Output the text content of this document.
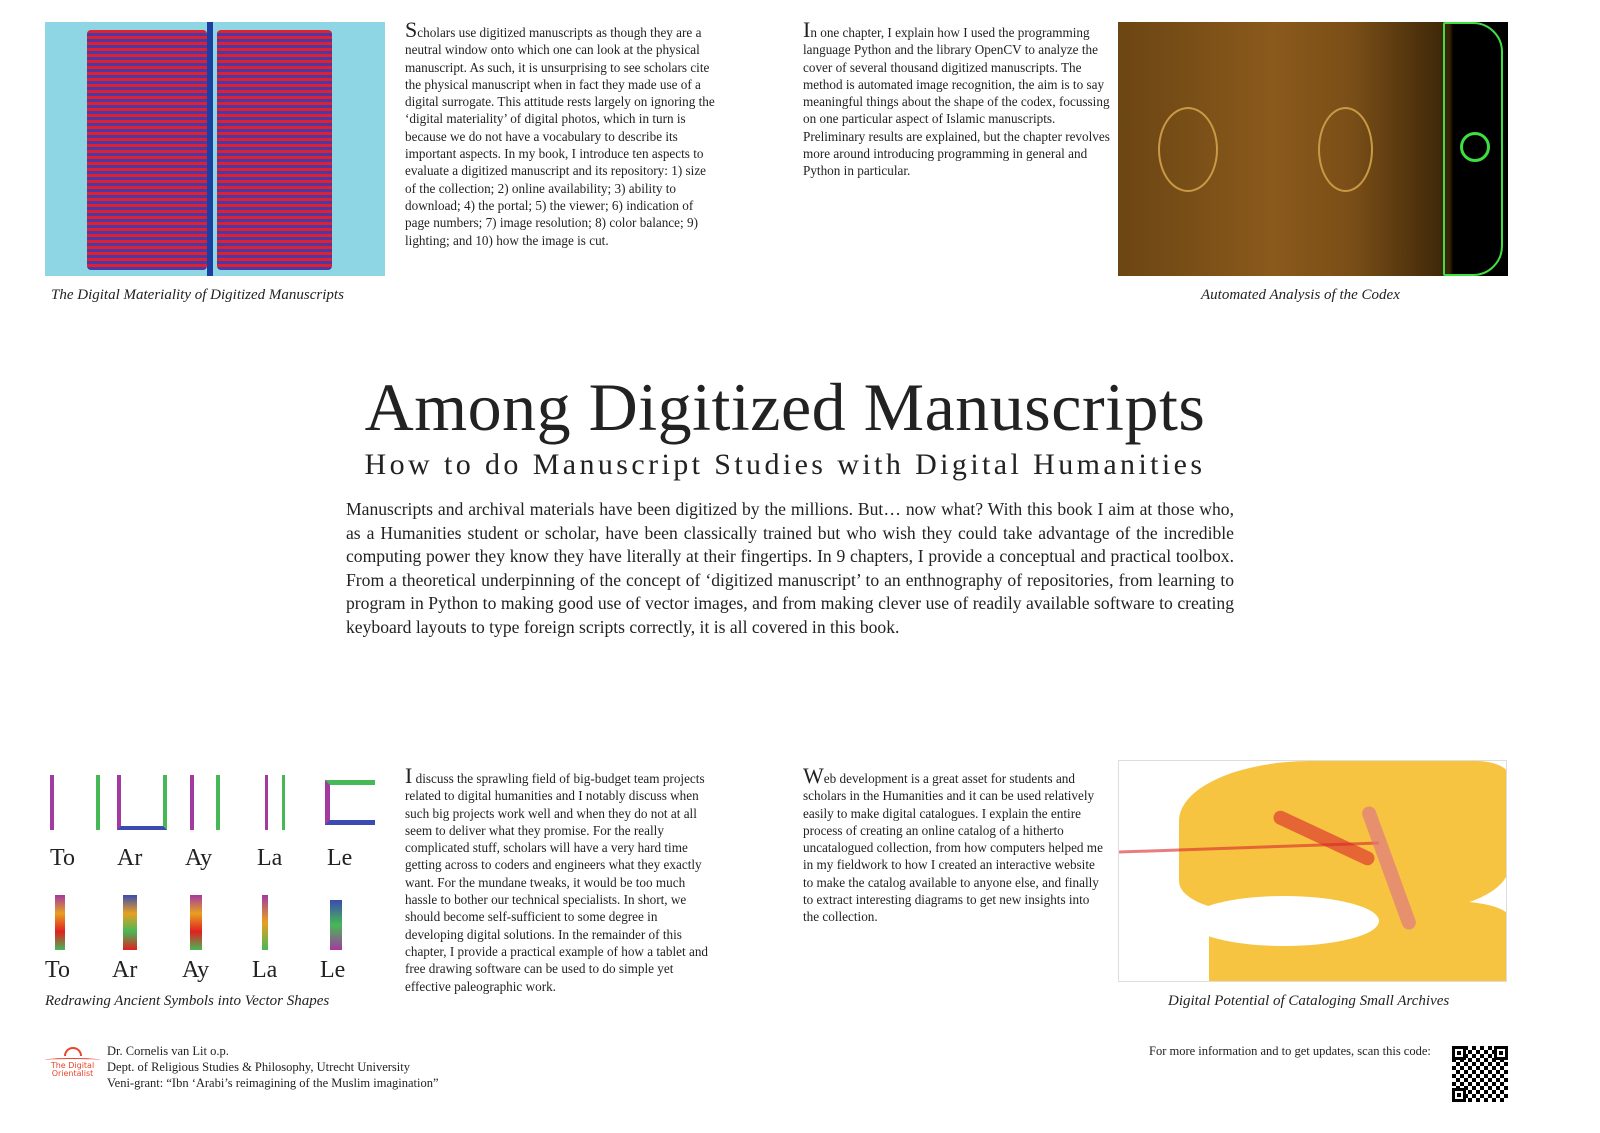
Scholars use digitized manuscripts as though they are a neutral window onto which one can look at the physical manuscript. As such, it is unsurprising to see scholars cite the physical manuscript when in fact they made use of a digital surrogate. This attitude rests largely on ignoring the ‘digital materiality’ of digital photos, which in turn is because we do not have a vocabulary to describe its important aspects. In my book, I introduce ten aspects to evaluate a digitized manuscript and its repository: 1) size of the collection; 2) online availability; 3) ability to download; 4) the portal; 5) the viewer; 6) indication of page numbers; 7) image resolution; 8) color balance; 9) lighting; and 10) how the image is cut.
The Digital Materiality of Digitized Manuscripts
In one chapter, I explain how I used the programming language Python and the library OpenCV to analyze the cover of several thousand digitized manuscripts. The method is automated image recognition, the aim is to say meaningful things about the shape of the codex, focussing on one particular aspect of Islamic manuscripts. Preliminary results are explained, but the chapter revolves more around introducing programming in general and Python in particular.
Automated Analysis of the Codex
Among Digitized Manuscripts
How to do Manuscript Studies with Digital Humanities

Manuscripts and archival materials have been digitized by the millions. But… now what? With this book I aim at those who, as a Humanities student or scholar, have been classically trained but who wish they could take advantage of the incredible computing power they know they have literally at their fingertips. In 9 chapters, I provide a conceptual and practical toolbox. From a theoretical underpinning of the concept of ‘digitized manuscript’ to an enthnography of repositories, from learning to program in Python to making good use of vector images, and from making clever use of readily available software to creating keyboard layouts to type foreign scripts correctly, it is all covered in this book.

To Ar Ay La Le
To Ar Ay La Le
Redrawing Ancient Symbols into Vector Shapes
I discuss the sprawling field of big-budget team projects related to digital humanities and I notably discuss when such big projects work well and when they do not at all seem to deliver what they promise. For the really complicated stuff, scholars will have a very hard time getting across to coders and engineers what they exactly want. For the mundane tweaks, it would be too much hassle to bother our technical specialists. In short, we should become self-sufficient to some degree in developing digital solutions. In the remainder of this chapter, I provide a practical example of how a tablet and free drawing software can be used to do simple yet effective paleographic work.
Web development is a great asset for students and scholars in the Humanities and it can be used relatively easily to make digital catalogues. I explain the entire process of creating an online catalog of a hitherto uncatalogued collection, from how computers helped me in my fieldwork to how I created an interactive website to make the catalog available to anyone else, and finally to extract interesting diagrams to get new insights into the collection.
Digital Potential of Cataloging Small Archives
The Digital Orientalist
Dr. Cornelis van Lit o.p.
Dept. of Religious Studies & Philosophy, Utrecht University
Veni-grant: “Ibn ‘Arabi’s reimagining of the Muslim imagination”
For more information and to get updates, scan this code:
